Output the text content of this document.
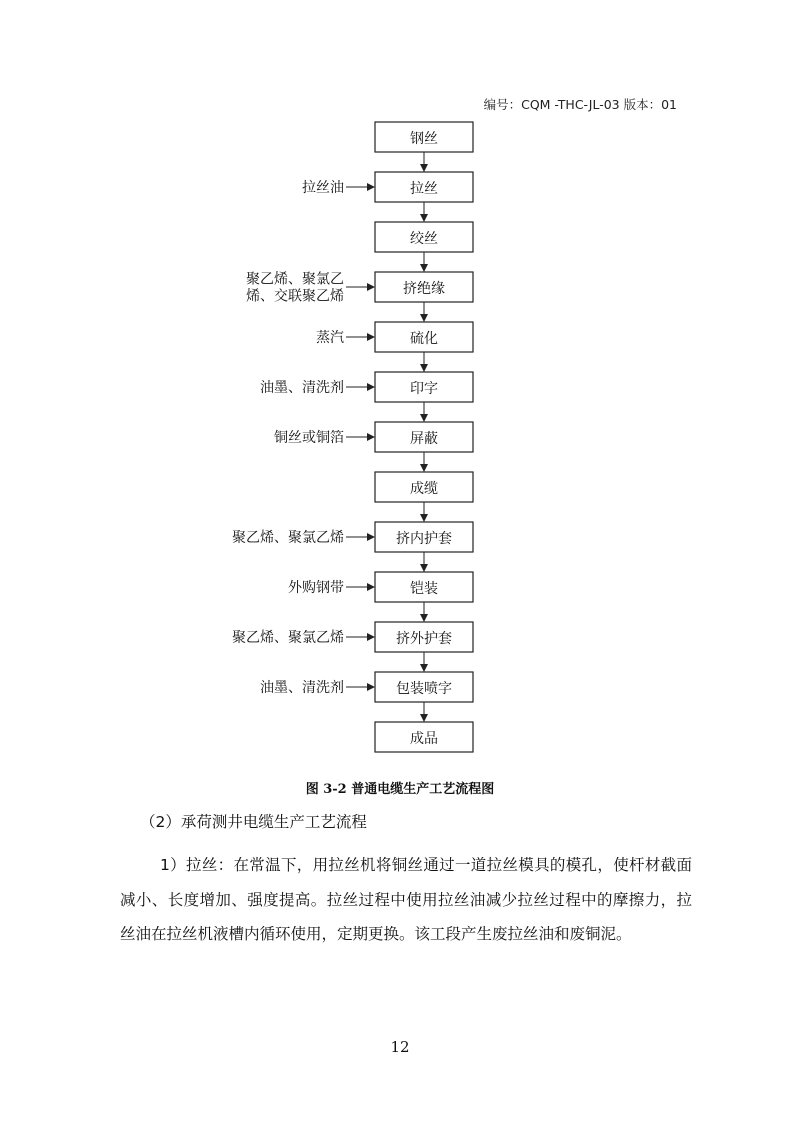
编号：CQM -THC-JL-03 版本：01
钢丝
拉丝
绞丝
挤绝缘
硫化
印字
屏蔽
成缆
挤内护套
铠装
挤外护套
包装喷字
成品
拉丝油
聚乙烯、聚氯乙
烯、交联聚乙烯
蒸汽
油墨、清洗剂
铜丝或铜箔
聚乙烯、聚氯乙烯
外购钢带
聚乙烯、聚氯乙烯
油墨、清洗剂
图 3-2 普通电缆生产工艺流程图
（2）承荷测井电缆生产工艺流程

1）拉丝：在常温下，用拉丝机将铜丝通过一道拉丝模具的模孔，使杆材截面减小、长度增加、强度提高。拉丝过程中使用拉丝油减少拉丝过程中的摩擦力，拉丝油在拉丝机液槽内循环使用，定期更换。该工段产生废拉丝油和废铜泥。

12
